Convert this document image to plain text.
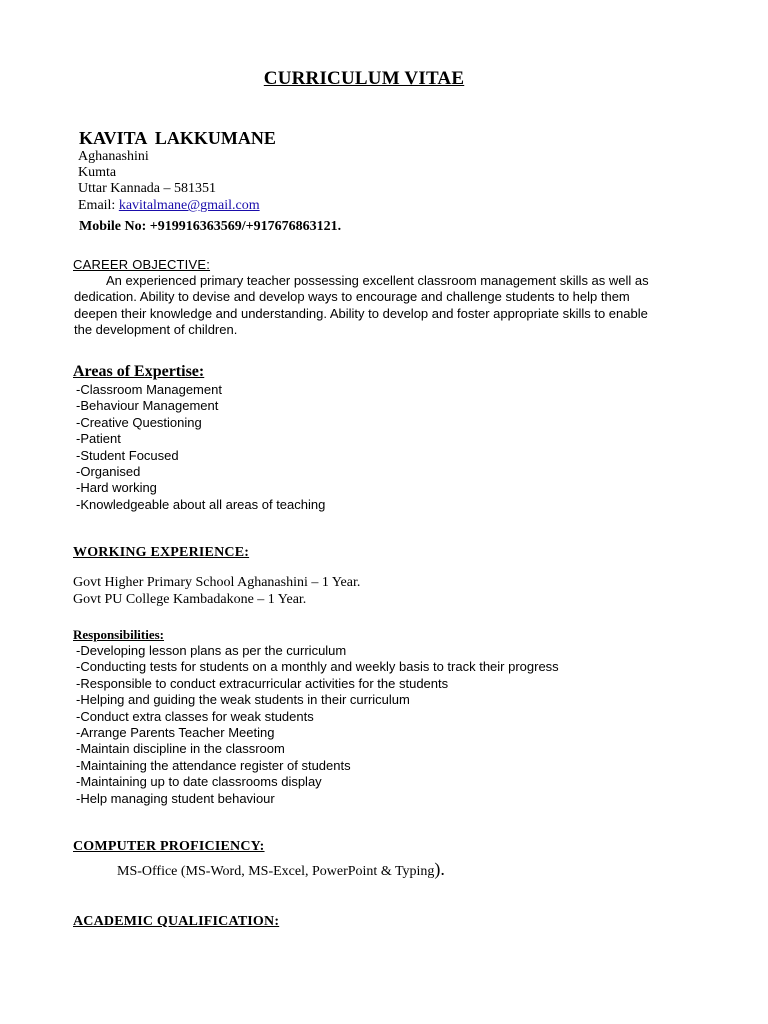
CURRICULUM VITAE
KAVITA LAKKUMANE
Aghanashini
Kumta
Uttar Kannada – 581351
Email: kavitalmane@gmail.com
Mobile No: +919916363569/+917676863121.
CAREER OBJECTIVE:
An experienced primary teacher possessing excellent classroom management skills as well as
dedication. Ability to devise and develop ways to encourage and challenge students to help them
deepen their knowledge and understanding. Ability to develop and foster appropriate skills to enable
the development of children.
Areas of Expertise:
-Classroom Management
-Behaviour Management
-Creative Questioning
-Patient
-Student Focused
-Organised
-Hard working
-Knowledgeable about all areas of teaching
WORKING EXPERIENCE:
Govt Higher Primary School Aghanashini – 1 Year.
Govt PU College Kambadakone – 1 Year.
Responsibilities:
-Developing lesson plans as per the curriculum
-Conducting tests for students on a monthly and weekly basis to track their progress
-Responsible to conduct extracurricular activities for the students
-Helping and guiding the weak students in their curriculum
-Conduct extra classes for weak students
-Arrange Parents Teacher Meeting
-Maintain discipline in the classroom
-Maintaining the attendance register of students
-Maintaining up to date classrooms display
-Help managing student behaviour
COMPUTER PROFICIENCY:
MS-Office (MS-Word, MS-Excel, PowerPoint & Typing).
ACADEMIC QUALIFICATION:
